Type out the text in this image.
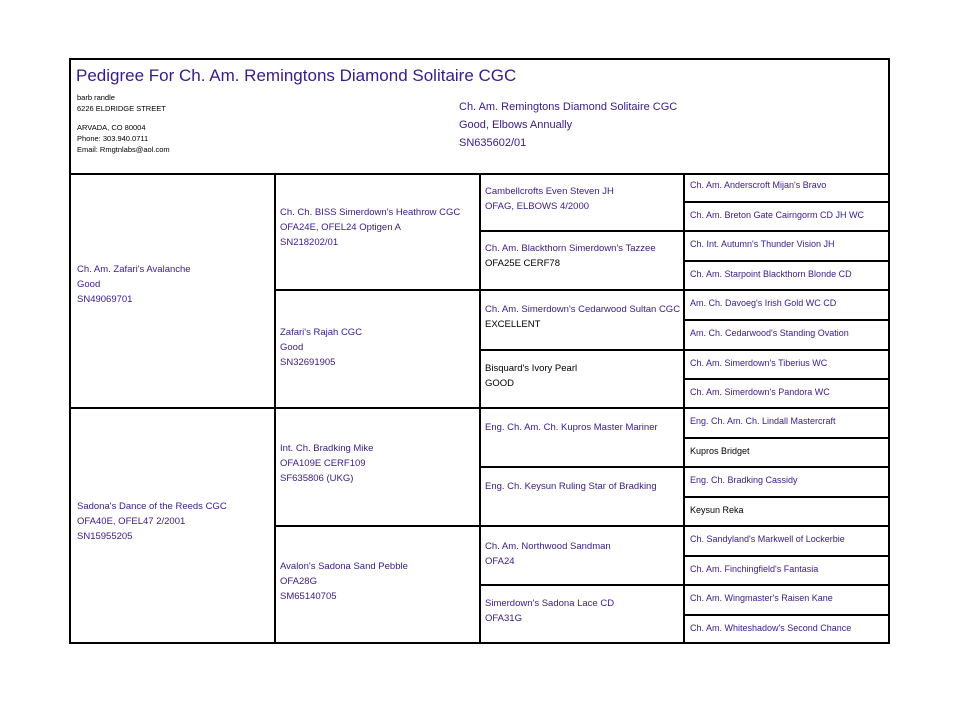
Pedigree For Ch. Am. Remingtons Diamond Solitaire CGC
barb randle
6226 ELDRIDGE STREET
ARVADA, CO 80004
Phone: 303.940.0711
Email: Rmgtnlabs@aol.com
Ch. Am. Remingtons Diamond Solitaire CGC
Good, Elbows Annually
SN635602/01
Ch. Am. Zafari's Avalanche
Good
SN49069701
Sadona's Dance of the Reeds CGC
OFA40E, OFEL47 2/2001
SN15955205
Ch. Ch. BISS Simerdown's Heathrow CGC
OFA24E, OFEL24 Optigen A
SN218202/01
Zafari's Rajah CGC
Good
SN32691905
Int. Ch. Bradking Mike
OFA109E CERF109
SF635806 (UKG)
Avalon's Sadona Sand Pebble
OFA28G
SM65140705
Cambellcrofts Even Steven JH
OFAG, ELBOWS 4/2000
Ch. Am. Blackthorn Simerdown's Tazzee
OFA25E CERF78
Ch. Am. Simerdown's Cedarwood Sultan CGC
EXCELLENT
Bisquard's Ivory Pearl
GOOD
Eng. Ch. Am. Ch. Kupros Master Mariner
Eng. Ch. Keysun Ruling Star of Bradking
Ch. Am. Northwood Sandman
OFA24
Simerdown's Sadona Lace CD
OFA31G
Ch. Am. Anderscroft Mijan's Bravo
Ch. Am. Breton Gate Cairngorm CD JH WC
Ch. Int. Autumn's Thunder Vision JH
Ch. Am. Starpoint Blackthorn Blonde CD
Am. Ch. Davoeg's Irish Gold WC CD
Am. Ch. Cedarwood's Standing Ovation
Ch. Am. Simerdown's Tiberius WC
Ch. Am. Simerdown's Pandora WC
Eng. Ch. Am. Ch. Lindall Mastercraft
Kupros Bridget
Eng. Ch. Bradking Cassidy
Keysun Reka
Ch. Sandyland's Markwell of Lockerbie
Ch. Am. Finchingfield's Fantasia
Ch. Am. Wingmaster's Raisen Kane
Ch. Am. Whiteshadow's Second Chance
